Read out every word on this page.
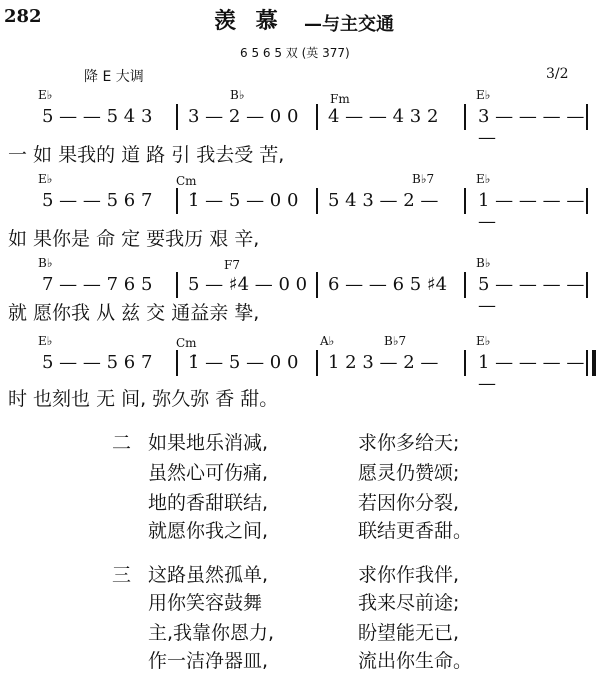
282	羡 慕 —与主交通
6 5 6 5 双 (英 377)
降 E 大调	3/2
E♭	B♭	Fm	E♭
5 — — 5 4 3 3 — 2 — 0 0 4 — — 4 3 2 3 — — — — —
一 如 果我的 道 路 引 我去受 苦,
E♭	Cm	B♭7	E♭
5 — — 5 6 7 1̇ — 5 — 0 0 5 4 3 — 2 — 1 — — — — —
如 果你是 命 定 要我历 艰 辛,
B♭	F7	B♭
7 — — 7 6 5 5 — ♯4 — 0 0 6 — — 6 5 ♯4 5 — — — — —
就 愿你我 从 兹 交 通益亲 挚,
E♭	Cm	A♭	B♭7	E♭
5 — — 5 6 7 1̇ — 5 — 0 0 1 2 3 — 2 — 1 — — — — —
时 也刻也 无 间, 弥久弥 香 甜。
二 如果地乐消减,	求你多给天;
虽然心可伤痛,	愿灵仍赞颂;
地的香甜联结,	若因你分裂,
就愿你我之间,	联结更香甜。
三 这路虽然孤单,	求你作我伴,
用你笑容鼓舞	我来尽前途;
主,我靠你恩力,	盼望能无已,
作一洁净器皿,	流出你生命。
